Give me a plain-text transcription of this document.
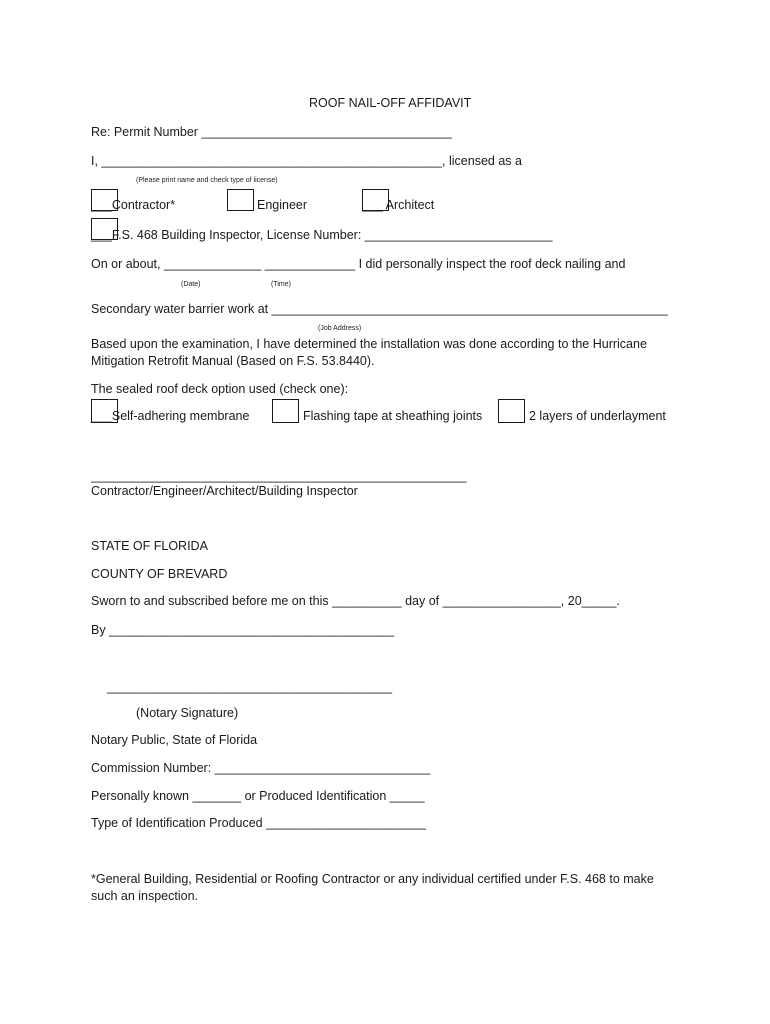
ROOF NAIL-OFF AFFIDAVIT
Re: Permit Number ____________________________________
I, _________________________________________________, licensed as a
(Please print name and check type of license)
___Contractor*	Engineer	___ Architect
___F.S. 468 Building Inspector, License Number: ___________________________
On or about, ______________ _____________ I did personally inspect the roof deck nailing and
(Date)	(Time)
Secondary water barrier work at _________________________________________________________
(Job Address)
Based upon the examination, I have determined the installation was done according to the Hurricane
Mitigation Retrofit Manual (Based on F.S. 53.8440).
The sealed roof deck option used (check one):
___Self-adhering membrane	Flashing tape at sheathing joints	2 layers of underlayment
______________________________________________________
Contractor/Engineer/Architect/Building Inspector
STATE OF FLORIDA
COUNTY OF BREVARD
Sworn to and subscribed before me on this __________ day of _________________, 20_____.
By _________________________________________
_________________________________________
(Notary Signature)
Notary Public, State of Florida
Commission Number: _______________________________
Personally known _______ or Produced Identification _____
Type of Identification Produced _______________________
*General Building, Residential or Roofing Contractor or any individual certified under F.S. 468 to make
such an inspection.
